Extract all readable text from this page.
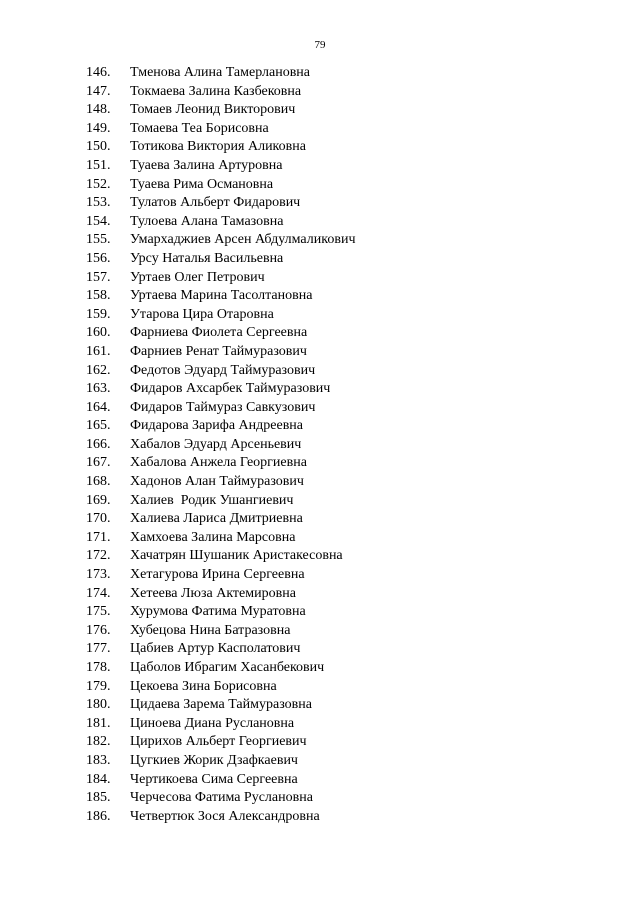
79
146.	Тменова Алина Тамерлановна
147.	Токмаева Залина Казбековна
148.	Томаев Леонид Викторович
149.	Томаева Теа Борисовна
150.	Тотикова Виктория Аликовна
151.	Туаева Залина Артуровна
152.	Туаева Рима Османовна
153.	Тулатов Альберт Фидарович
154.	Тулоева Алана Тамазовна
155.	Умархаджиев Арсен Абдулмаликович
156.	Урсу Наталья Васильевна
157.	Уртаев Олег Петрович
158.	Уртаева Марина Тасолтановна
159.	Утарова Цира Отаровна
160.	Фарниева Фиолета Сергеевна
161.	Фарниев Ренат Таймуразович
162.	Федотов Эдуард Таймуразович
163.	Фидаров Ахсарбек Таймуразович
164.	Фидаров Таймураз Савкузович
165.	Фидарова Зарифа Андреевна
166.	Хабалов Эдуард Арсеньевич
167.	Хабалова Анжела Георгиевна
168.	Хадонов Алан Таймуразович
169.	Халиев  Родик Ушангиевич
170.	Халиева Лариса Дмитриевна
171.	Хамхоева Залина Марсовна
172.	Хачатрян Шушаник Аристакесовна
173.	Хетагурова Ирина Сергеевна
174.	Хетеева Люза Актемировна
175.	Хурумова Фатима Муратовна
176.	Хубецова Нина Батразовна
177.	Цабиев Артур Касполатович
178.	Цаболов Ибрагим Хасанбекович
179.	Цекоева Зина Борисовна
180.	Цидаева Зарема Таймуразовна
181.	Циноева Диана Руслановна
182.	Цирихов Альберт Георгиевич
183.	Цугкиев Жорик Дзафкаевич
184.	Чертикоева Сима Сергеевна
185.	Черчесова Фатима Руслановна
186.	Четвертюк Зося Александровна
